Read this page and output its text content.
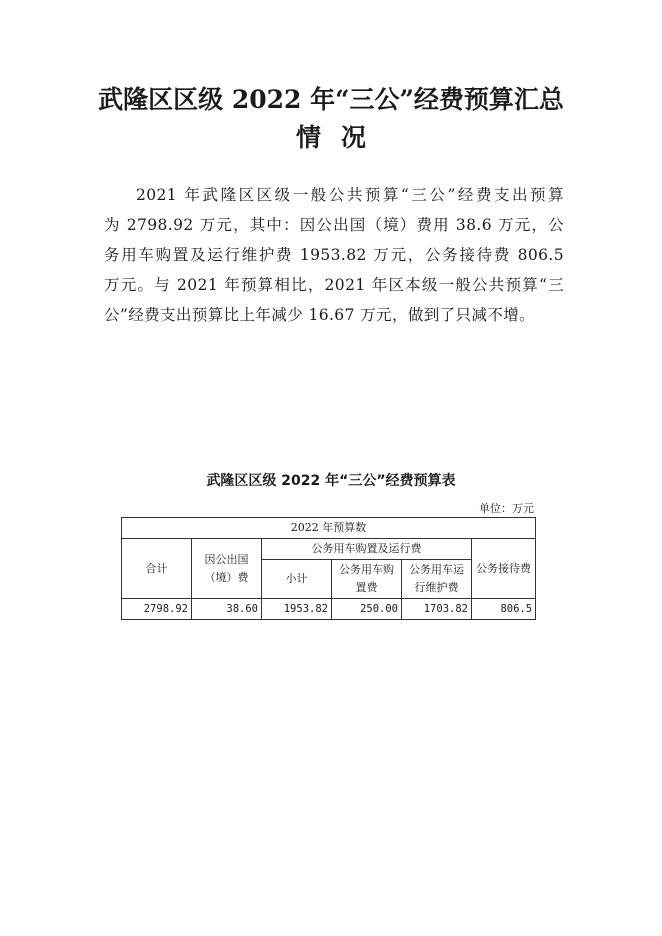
武隆区区级 2022 年“三公”经费预算汇总
情况
2021 年武隆区区级一般公共预算“三公”经费支出预算
为 2798.92 万元，其中：因公出国（境）费用 38.6 万元，公
务用车购置及运行维护费 1953.82 万元，公务接待费 806.5
万元。与 2021 年预算相比，2021 年区本级一般公共预算“三
公”经费支出预算比上年减少 16.67 万元，做到了只减不增。
武隆区区级 2022 年“三公”经费预算表
单位：万元
2022 年预算数					
合计	因公出国（境）费	公务用车购置及运行费			公务接待费
		小计	公务用车购置费	公务用车运行维护费	
2798.92	38.60	1953.82	250.00	1703.82	806.5
